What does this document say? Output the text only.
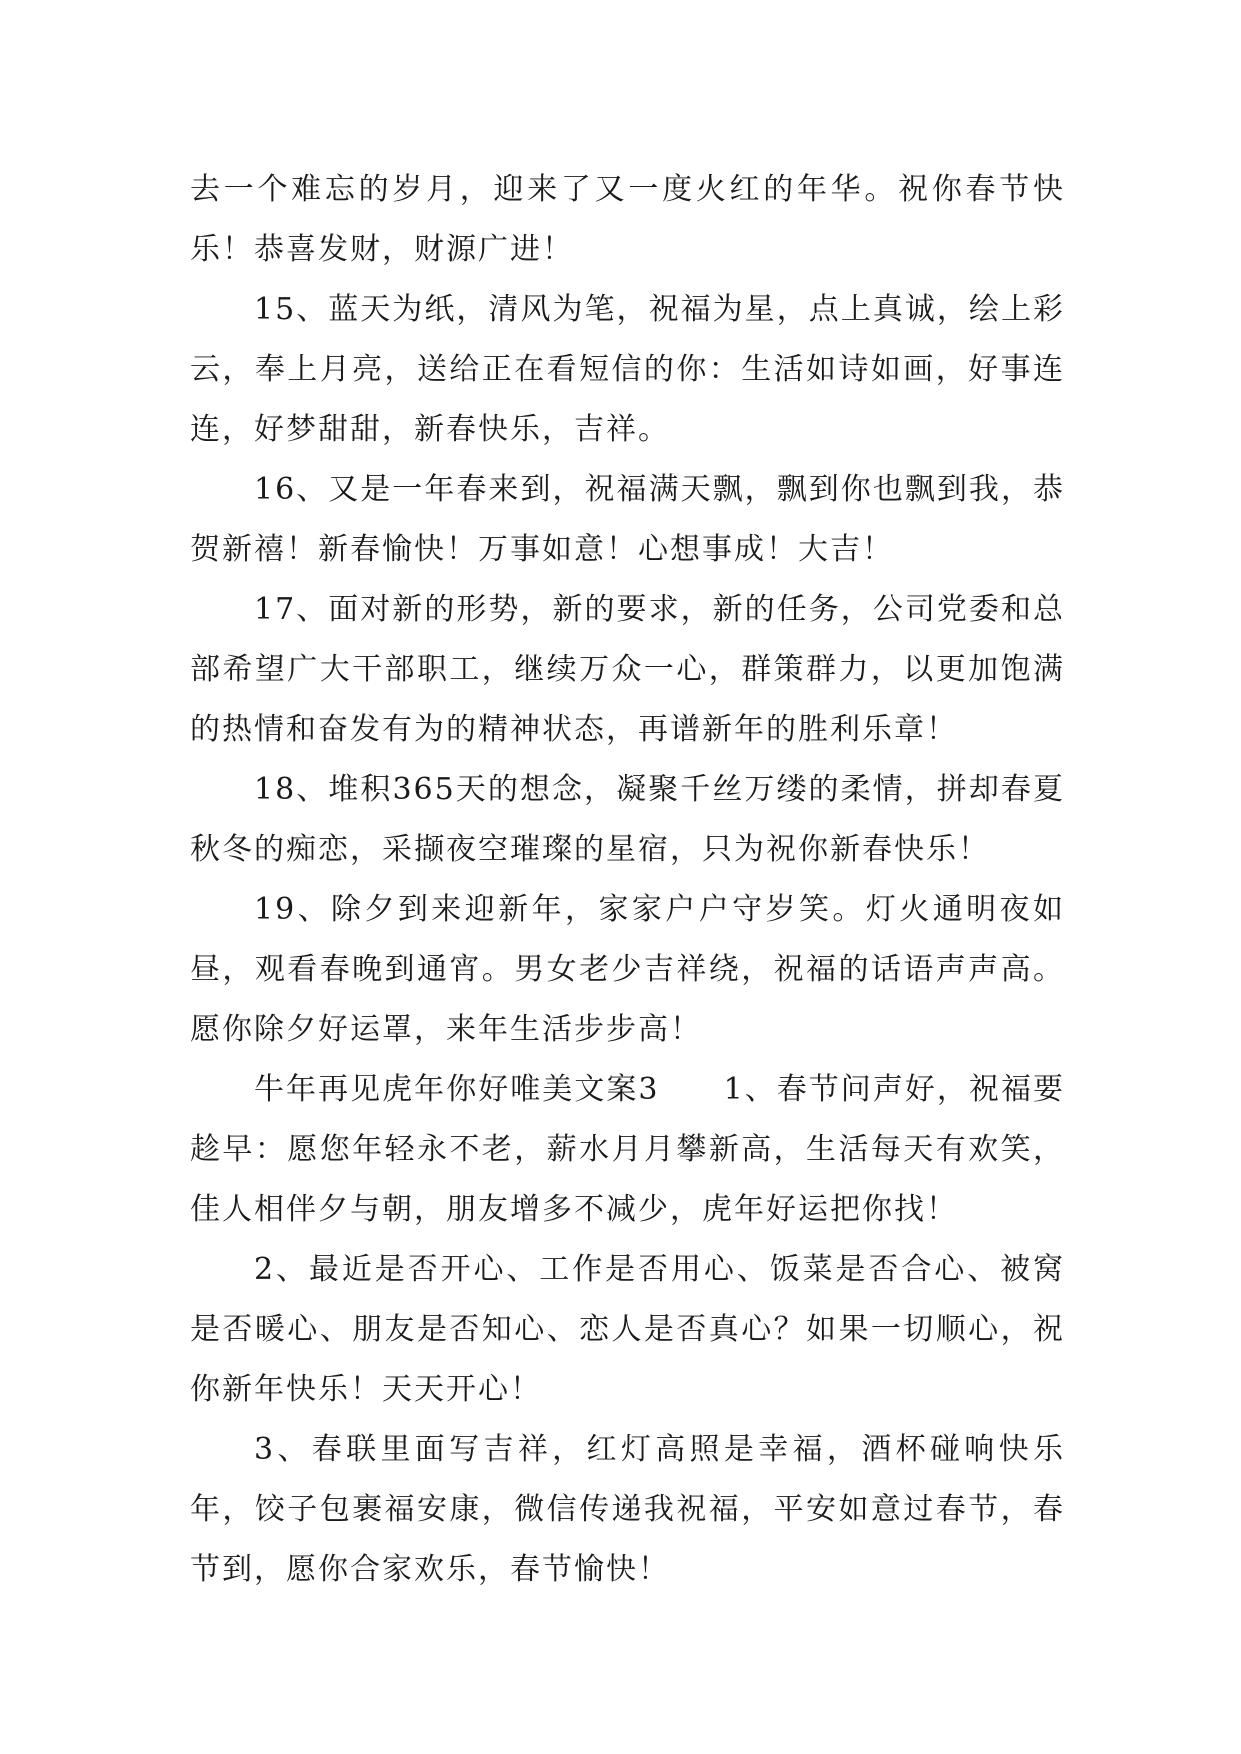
去一个难忘的岁月，迎来了又一度火红的年华。祝你春节快乐！恭喜发财，财源广进！

15、蓝天为纸，清风为笔，祝福为星，点上真诚，绘上彩云，奉上月亮，送给正在看短信的你：生活如诗如画，好事连连，好梦甜甜，新春快乐，吉祥。

16、又是一年春来到，祝福满天飘，飘到你也飘到我，恭贺新禧！新春愉快！万事如意！心想事成！大吉！

17、面对新的形势，新的要求，新的任务，公司党委和总部希望广大干部职工，继续万众一心，群策群力，以更加饱满的热情和奋发有为的精神状态，再谱新年的胜利乐章！

18、堆积365天的想念，凝聚千丝万缕的柔情，拼却春夏秋冬的痴恋，采撷夜空璀璨的星宿，只为祝你新春快乐！

19、除夕到来迎新年，家家户户守岁笑。灯火通明夜如昼，观看春晚到通宵。男女老少吉祥绕，祝福的话语声声高。愿你除夕好运罩，来年生活步步高！

牛年再见虎年你好唯美文案3　　1、春节问声好，祝福要趁早：愿您年轻永不老，薪水月月攀新高，生活每天有欢笑，佳人相伴夕与朝，朋友增多不减少，虎年好运把你找！

2、最近是否开心、工作是否用心、饭菜是否合心、被窝是否暖心、朋友是否知心、恋人是否真心？如果一切顺心，祝你新年快乐！天天开心！

3、春联里面写吉祥，红灯高照是幸福，酒杯碰响快乐年，饺子包裹福安康，微信传递我祝福，平安如意过春节，春节到，愿你合家欢乐，春节愉快！
